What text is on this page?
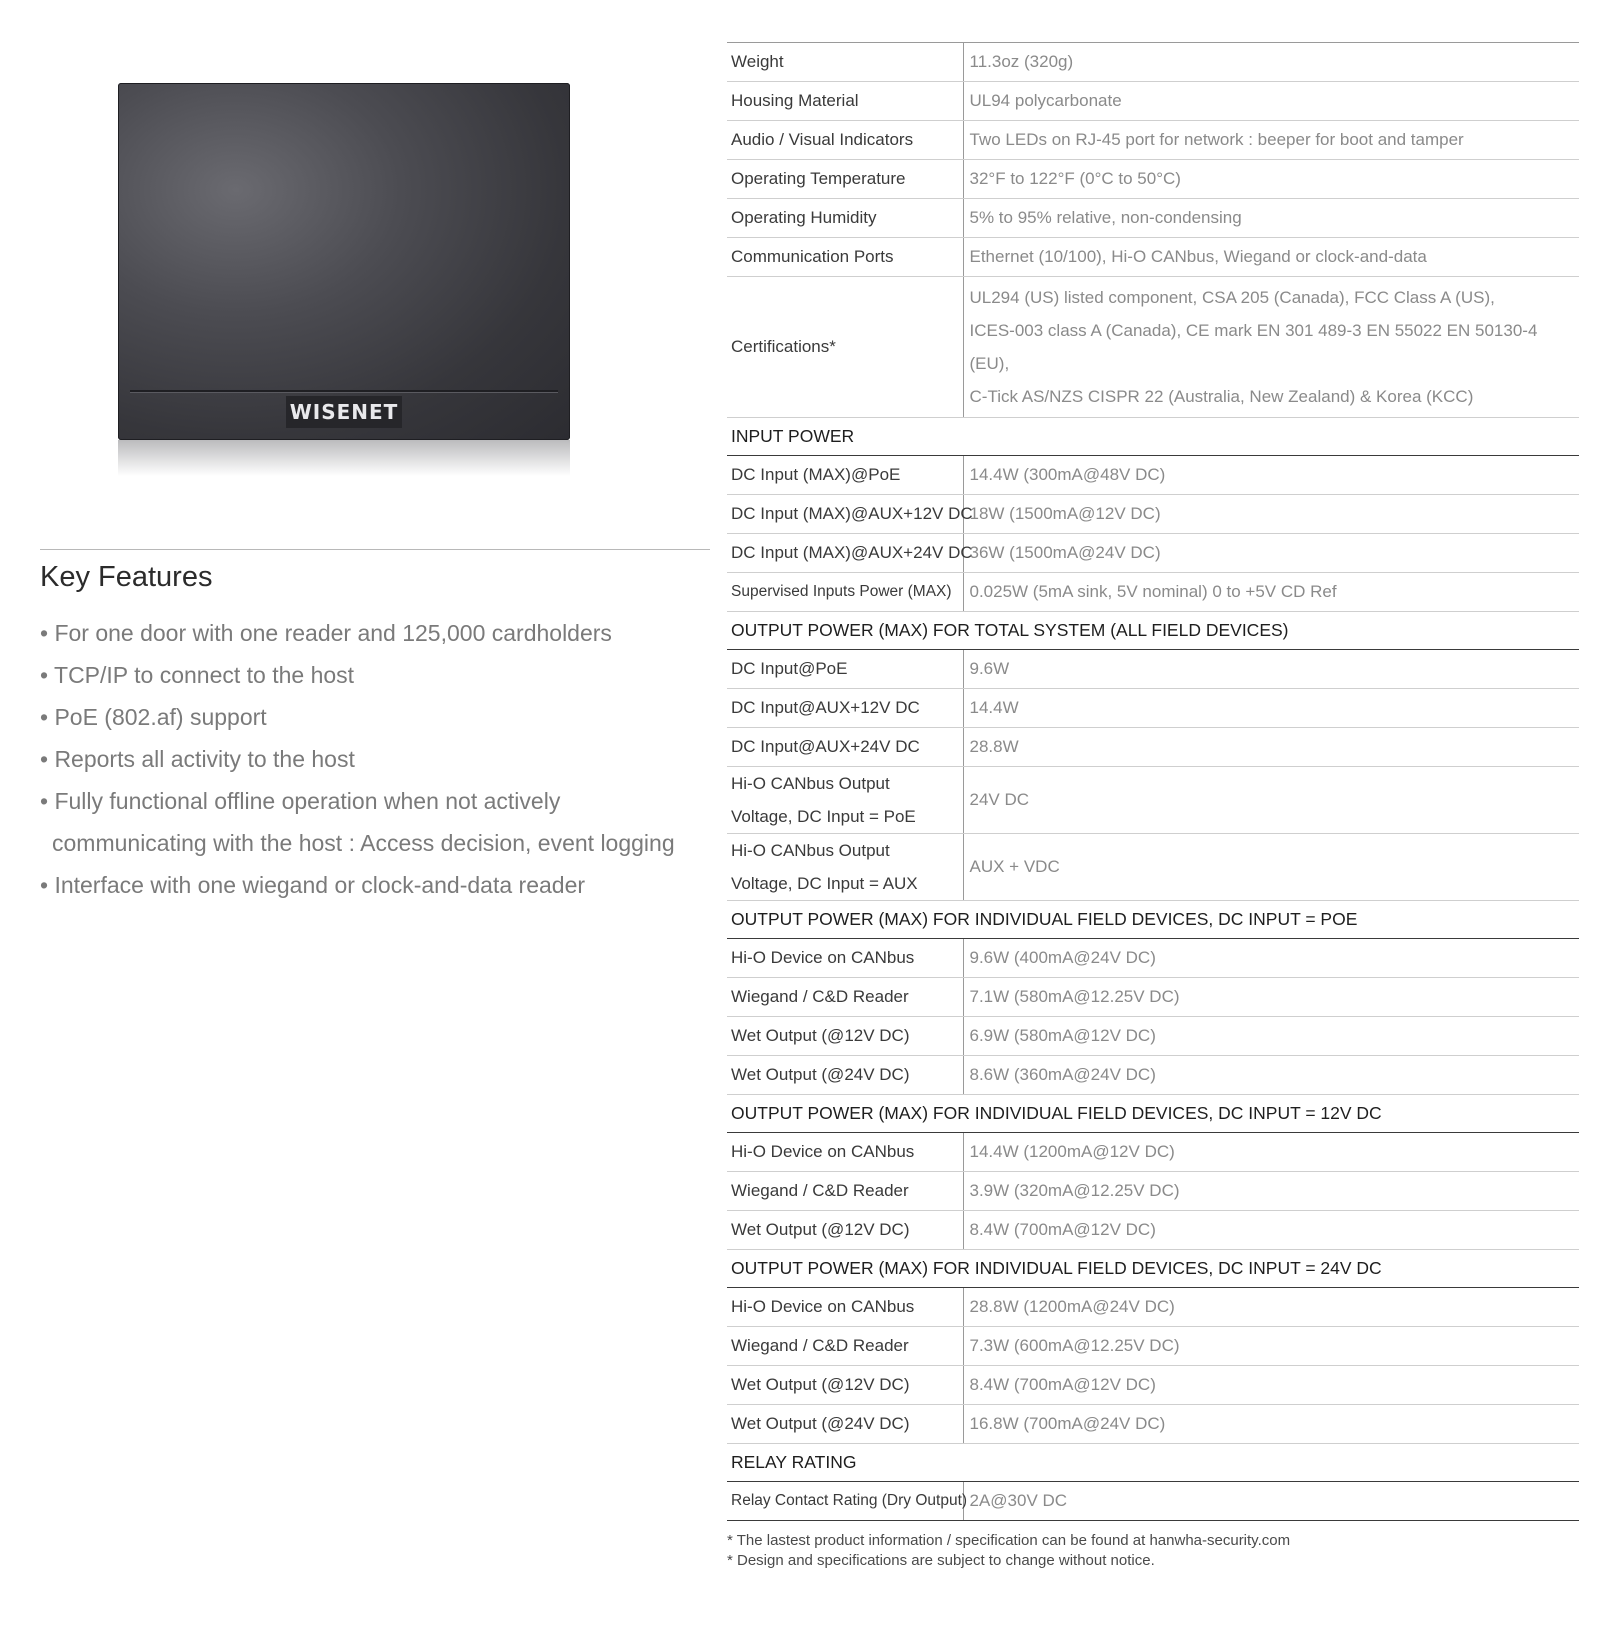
WISENET
Key Features
• For one door with one reader and 125,000 cardholders
• TCP/IP to connect to the host
• PoE (802.af) support
• Reports all activity to the host
• Fully functional offline operation when not actively communicating with the host : Access decision, event logging
• Interface with one wiegand or clock-and-data reader
Weight	11.3oz (320g)
Housing Material	UL94 polycarbonate
Audio / Visual Indicators	Two LEDs on RJ-45 port for network : beeper for boot and tamper
Operating Temperature	32°F to 122°F (0°C to 50°C)
Operating Humidity	5% to 95% relative, non-condensing
Communication Ports	Ethernet (10/100), Hi-O CANbus, Wiegand or clock-and-data
Certifications*	UL294 (US) listed component, CSA 205 (Canada), FCC Class A (US),
ICES-003 class A (Canada), CE mark EN 301 489-3 EN 55022 EN 50130-4 (EU),
C-Tick AS/NZS CISPR 22 (Australia, New Zealand) & Korea (KCC)

INPUT POWER	
DC Input (MAX)@PoE	14.4W (300mA@48V DC)
DC Input (MAX)@AUX+12V DC	18W (1500mA@12V DC)
DC Input (MAX)@AUX+24V DC	36W (1500mA@24V DC)
Supervised Inputs Power (MAX)	0.025W (5mA sink, 5V nominal) 0 to +5V CD Ref
OUTPUT POWER (MAX) FOR TOTAL SYSTEM (ALL FIELD DEVICES)	
DC Input@PoE	9.6W
DC Input@AUX+12V DC	14.4W
DC Input@AUX+24V DC	28.8W

Hi-O CANbus Output
Voltage, DC Input = PoE	24V DC

Hi-O CANbus Output
Voltage, DC Input = AUX	AUX + VDC
OUTPUT POWER (MAX) FOR INDIVIDUAL FIELD DEVICES, DC INPUT = POE	
Hi-O Device on CANbus	9.6W (400mA@24V DC)
Wiegand / C&D Reader	7.1W (580mA@12.25V DC)
Wet Output (@12V DC)	6.9W (580mA@12V DC)
Wet Output (@24V DC)	8.6W (360mA@24V DC)
OUTPUT POWER (MAX) FOR INDIVIDUAL FIELD DEVICES, DC INPUT = 12V DC	
Hi-O Device on CANbus	14.4W (1200mA@12V DC)
Wiegand / C&D Reader	3.9W (320mA@12.25V DC)
Wet Output (@12V DC)	8.4W (700mA@12V DC)
OUTPUT POWER (MAX) FOR INDIVIDUAL FIELD DEVICES, DC INPUT = 24V DC	
Hi-O Device on CANbus	28.8W (1200mA@24V DC)
Wiegand / C&D Reader	7.3W (600mA@12.25V DC)
Wet Output (@12V DC)	8.4W (700mA@12V DC)
Wet Output (@24V DC)	16.8W (700mA@24V DC)
RELAY RATING	
Relay Contact Rating (Dry Output)	2A@30V DC
* The lastest product information / specification can be found at hanwha-security.com
* Design and specifications are subject to change without notice.
